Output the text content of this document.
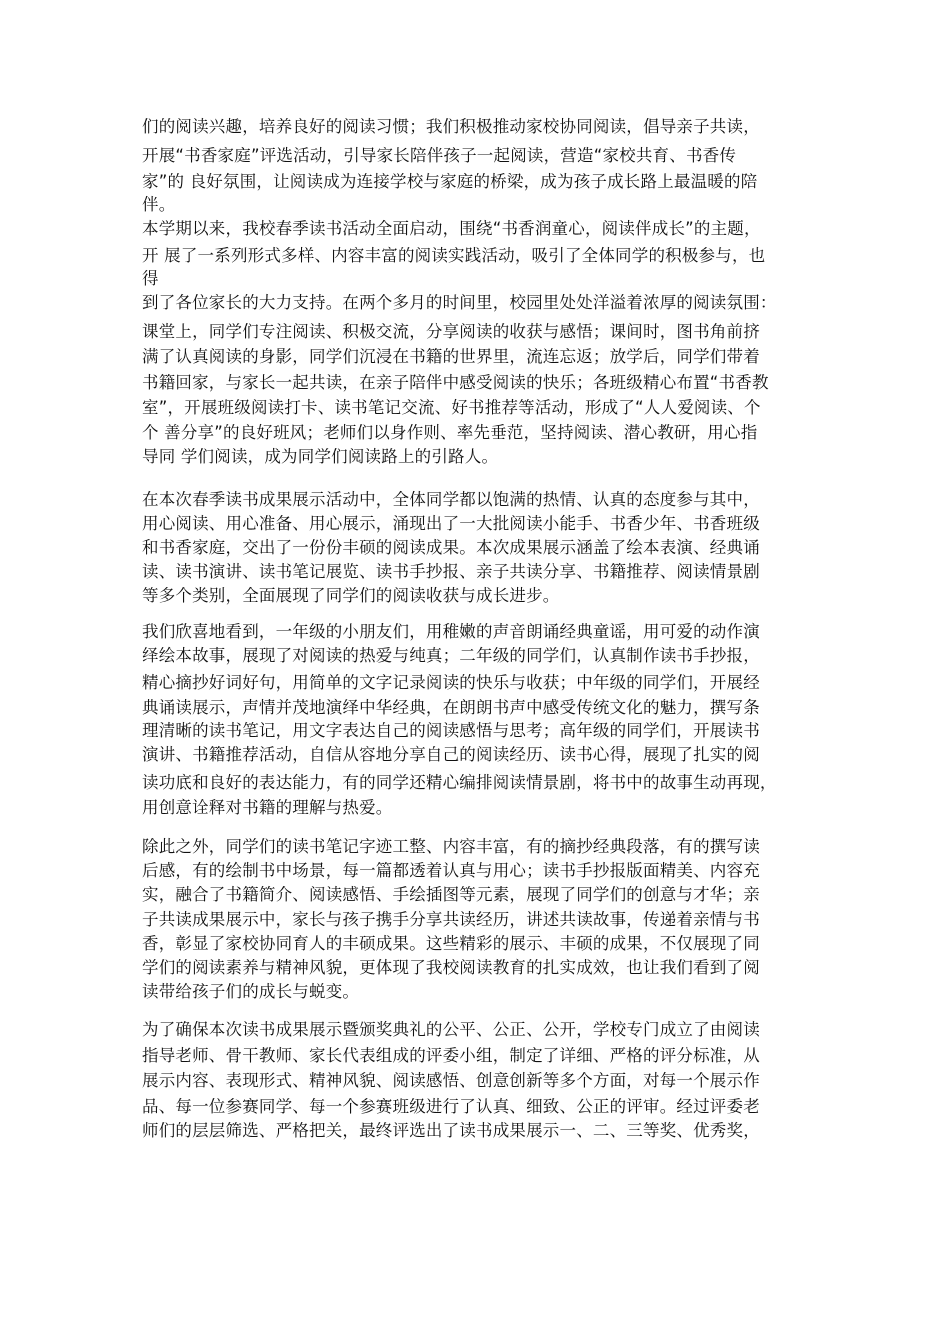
们的阅读兴趣，培养良好的阅读习惯；我们积极推动家校协同阅读，倡导亲子共读，

开展“书香家庭”评选活动，引导家长陪伴孩子一起阅读，营造“家校共育、书香传

家”的 良好氛围，让阅读成为连接学校与家庭的桥梁，成为孩子成长路上最温暖的陪

伴。

本学期以来，我校春季读书活动全面启动，围绕“书香润童心，阅读伴成长”的主题，

开 展了一系列形式多样、内容丰富的阅读实践活动，吸引了全体同学的积极参与，也

得

到了各位家长的大力支持。在两个多月的时间里，校园里处处洋溢着浓厚的阅读氛围：

课堂上，同学们专注阅读、积极交流，分享阅读的收获与感悟；课间时，图书角前挤

满了认真阅读的身影，同学们沉浸在书籍的世界里，流连忘返；放学后，同学们带着

书籍回家，与家长一起共读，在亲子陪伴中感受阅读的快乐；各班级精心布置“书香教

室”，开展班级阅读打卡、读书笔记交流、好书推荐等活动，形成了“人人爱阅读、个

个 善分享”的良好班风；老师们以身作则、率先垂范，坚持阅读、潜心教研，用心指

导同 学们阅读，成为同学们阅读路上的引路人。

在本次春季读书成果展示活动中，全体同学都以饱满的热情、认真的态度参与其中，

用心阅读、用心准备、用心展示，涌现出了一大批阅读小能手、书香少年、书香班级

和书香家庭，交出了一份份丰硕的阅读成果。本次成果展示涵盖了绘本表演、经典诵

读、读书演讲、读书笔记展览、读书手抄报、亲子共读分享、书籍推荐、阅读情景剧

等多个类别，全面展现了同学们的阅读收获与成长进步。

我们欣喜地看到，一年级的小朋友们，用稚嫩的声音朗诵经典童谣，用可爱的动作演

绎绘本故事，展现了对阅读的热爱与纯真；二年级的同学们，认真制作读书手抄报，

精心摘抄好词好句，用简单的文字记录阅读的快乐与收获；中年级的同学们，开展经

典诵读展示，声情并茂地演绎中华经典，在朗朗书声中感受传统文化的魅力，撰写条

理清晰的读书笔记，用文字表达自己的阅读感悟与思考；高年级的同学们，开展读书

演讲、书籍推荐活动，自信从容地分享自己的阅读经历、读书心得，展现了扎实的阅

读功底和良好的表达能力，有的同学还精心编排阅读情景剧，将书中的故事生动再现，

用创意诠释对书籍的理解与热爱。

除此之外，同学们的读书笔记字迹工整、内容丰富，有的摘抄经典段落，有的撰写读

后感，有的绘制书中场景，每一篇都透着认真与用心；读书手抄报版面精美、内容充

实，融合了书籍简介、阅读感悟、手绘插图等元素，展现了同学们的创意与才华；亲

子共读成果展示中，家长与孩子携手分享共读经历，讲述共读故事，传递着亲情与书

香，彰显了家校协同育人的丰硕成果。这些精彩的展示、丰硕的成果，不仅展现了同

学们的阅读素养与精神风貌，更体现了我校阅读教育的扎实成效，也让我们看到了阅

读带给孩子们的成长与蜕变。

为了确保本次读书成果展示暨颁奖典礼的公平、公正、公开，学校专门成立了由阅读

指导老师、骨干教师、家长代表组成的评委小组，制定了详细、严格的评分标准，从

展示内容、表现形式、精神风貌、阅读感悟、创意创新等多个方面，对每一个展示作

品、每一位参赛同学、每一个参赛班级进行了认真、细致、公正的评审。经过评委老

师们的层层筛选、严格把关，最终评选出了读书成果展示一、二、三等奖、优秀奖，
